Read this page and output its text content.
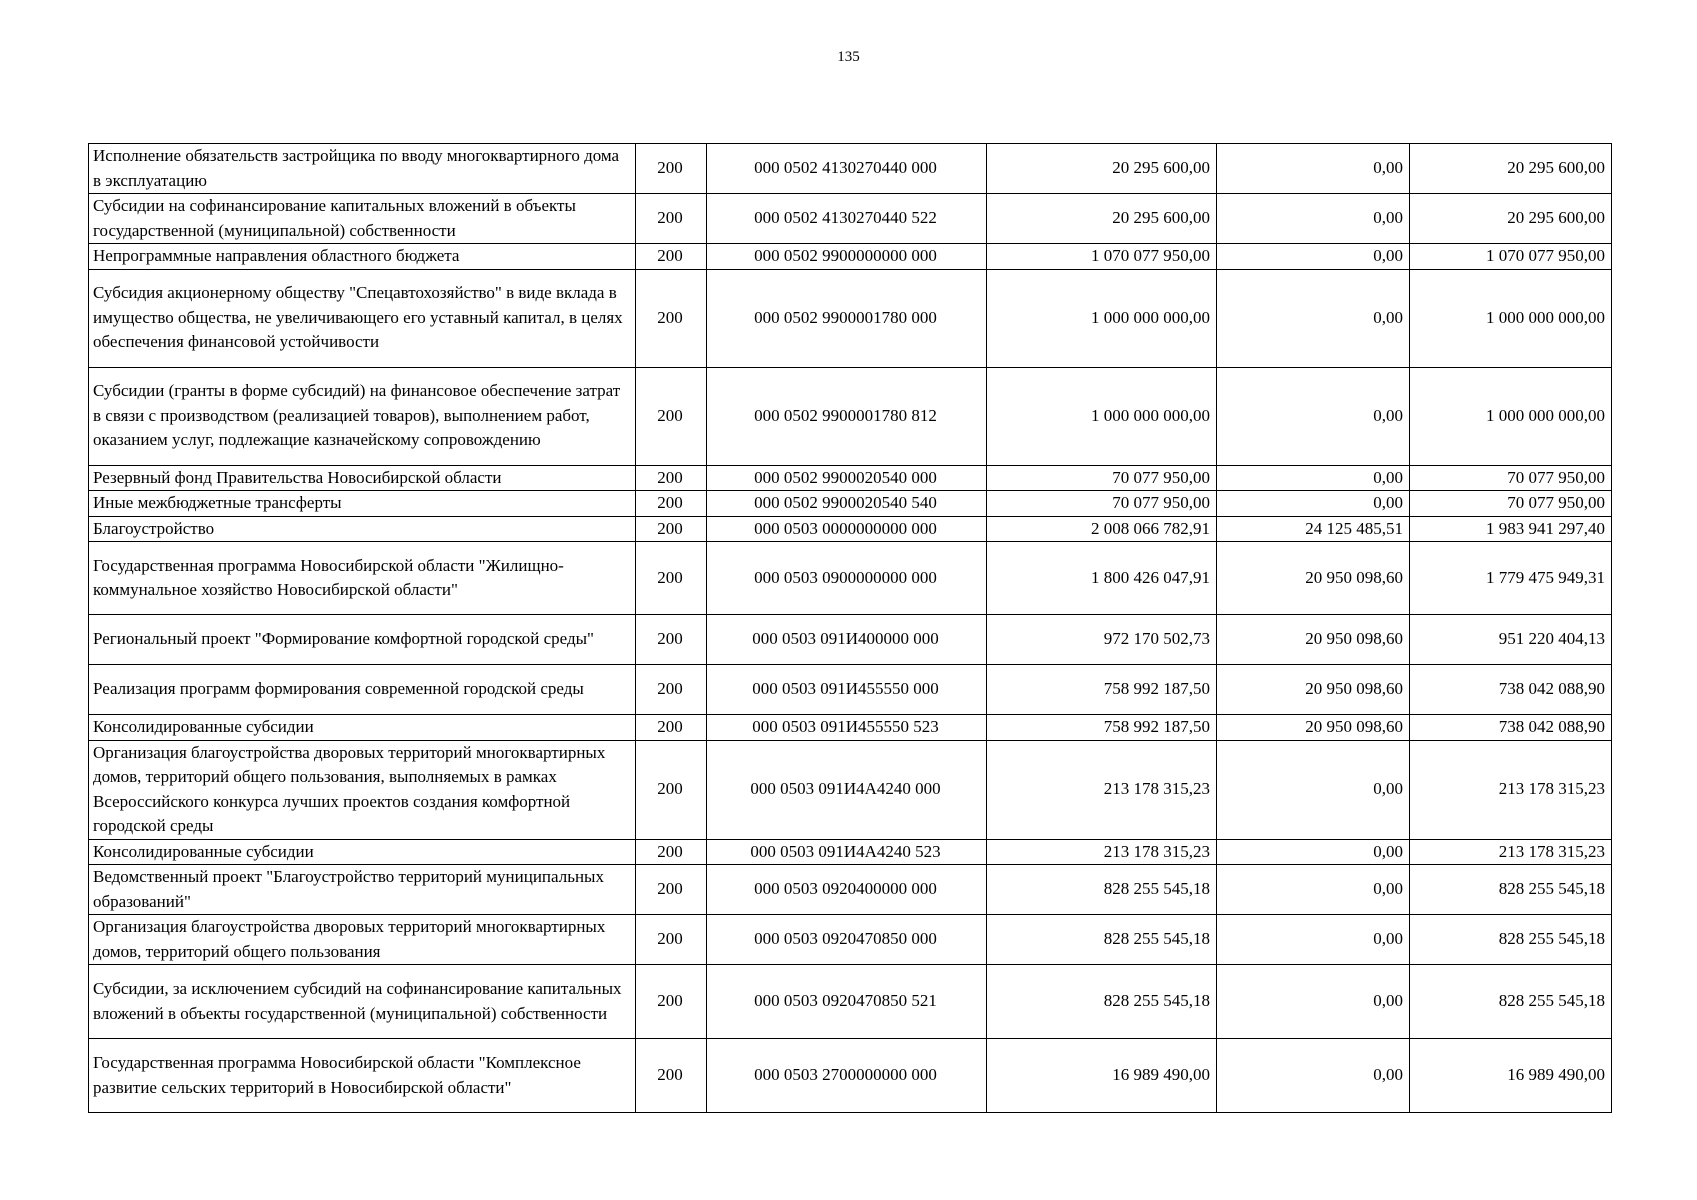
135
Исполнение обязательств застройщика по вводу многоквартирного дома в эксплуатацию	200	000 0502 4130270440 000	20 295 600,00	0,00	20 295 600,00
Субсидии на софинансирование капитальных вложений в объекты государственной (муниципальной) собственности	200	000 0502 4130270440 522	20 295 600,00	0,00	20 295 600,00
Непрограммные направления областного бюджета	200	000 0502 9900000000 000	1 070 077 950,00	0,00	1 070 077 950,00
Субсидия акционерному обществу "Спецавтохозяйство" в виде вклада в имущество общества, не увеличивающего его уставный капитал, в целях обеспечения финансовой устойчивости	200	000 0502 9900001780 000	1 000 000 000,00	0,00	1 000 000 000,00
Субсидии (гранты в форме субсидий) на финансовое обеспечение затрат в связи с производством (реализацией товаров), выполнением работ, оказанием услуг, подлежащие казначейскому сопровождению	200	000 0502 9900001780 812	1 000 000 000,00	0,00	1 000 000 000,00
Резервный фонд Правительства Новосибирской области	200	000 0502 9900020540 000	70 077 950,00	0,00	70 077 950,00
Иные межбюджетные трансферты	200	000 0502 9900020540 540	70 077 950,00	0,00	70 077 950,00
Благоустройство	200	000 0503 0000000000 000	2 008 066 782,91	24 125 485,51	1 983 941 297,40
Государственная программа Новосибирской области "Жилищно-коммунальное хозяйство Новосибирской области"	200	000 0503 0900000000 000	1 800 426 047,91	20 950 098,60	1 779 475 949,31
Региональный проект "Формирование комфортной городской среды"	200	000 0503 091И400000 000	972 170 502,73	20 950 098,60	951 220 404,13
Реализация программ формирования современной городской среды	200	000 0503 091И455550 000	758 992 187,50	20 950 098,60	738 042 088,90
Консолидированные субсидии	200	000 0503 091И455550 523	758 992 187,50	20 950 098,60	738 042 088,90
Организация благоустройства дворовых территорий многоквартирных домов, территорий общего пользования, выполняемых в рамках Всероссийского конкурса лучших проектов создания комфортной городской среды	200	000 0503 091И4А4240 000	213 178 315,23	0,00	213 178 315,23
Консолидированные субсидии	200	000 0503 091И4А4240 523	213 178 315,23	0,00	213 178 315,23
Ведомственный проект "Благоустройство территорий муниципальных образований"	200	000 0503 0920400000 000	828 255 545,18	0,00	828 255 545,18
Организация благоустройства дворовых территорий многоквартирных домов, территорий общего пользования	200	000 0503 0920470850 000	828 255 545,18	0,00	828 255 545,18
Субсидии, за исключением субсидий на софинансирование капитальных вложений в объекты государственной (муниципальной) собственности	200	000 0503 0920470850 521	828 255 545,18	0,00	828 255 545,18
Государственная программа Новосибирской области "Комплексное развитие сельских территорий в Новосибирской области"	200	000 0503 2700000000 000	16 989 490,00	0,00	16 989 490,00
